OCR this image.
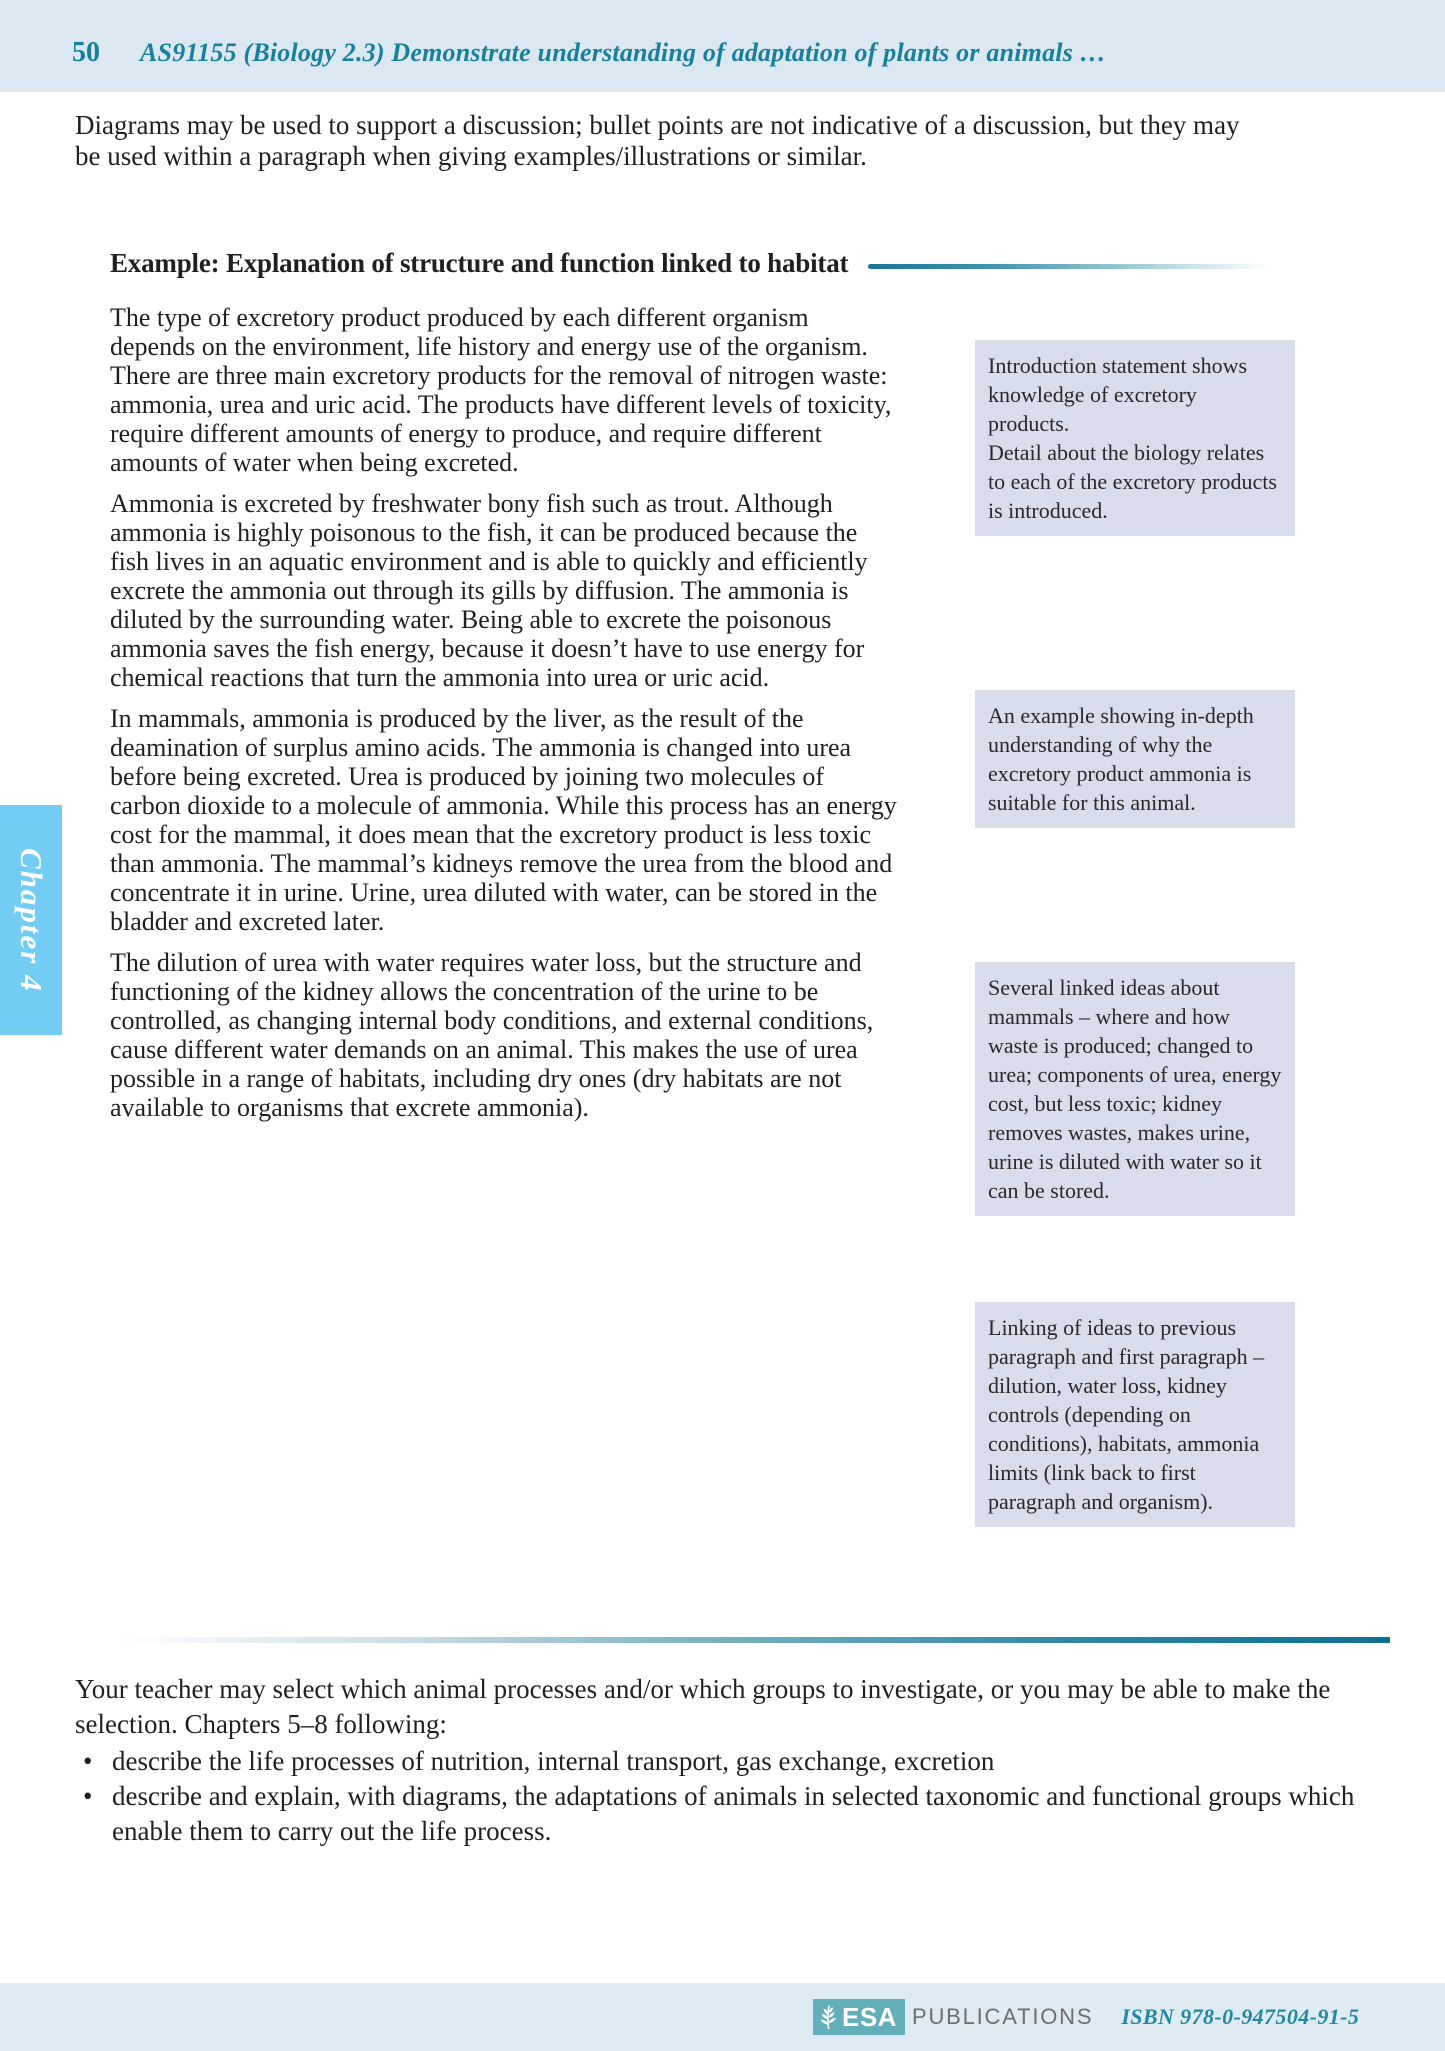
50 AS91155 (Biology 2.3) Demonstrate understanding of adaptation of plants or animals …

Diagrams may be used to support a discussion; bullet points are not indicative of a discussion, but they may be used within a paragraph when giving examples/illustrations or similar.

Example: Explanation of structure and function linked to habitat

The type of excretory product produced by each different organism depends on the environment, life history and energy use of the organism. There are three main excretory products for the removal of nitrogen waste: ammonia, urea and uric acid. The products have different levels of toxicity, require different amounts of energy to produce, and require different amounts of water when being excreted.

Ammonia is excreted by freshwater bony fish such as trout. Although ammonia is highly poisonous to the fish, it can be produced because the fish lives in an aquatic environment and is able to quickly and efficiently excrete the ammonia out through its gills by diffusion. The ammonia is diluted by the surrounding water. Being able to excrete the poisonous ammonia saves the fish energy, because it doesn’t have to use energy for chemical reactions that turn the ammonia into urea or uric acid.

In mammals, ammonia is produced by the liver, as the result of the deamination of surplus amino acids. The ammonia is changed into urea before being excreted. Urea is produced by joining two molecules of carbon dioxide to a molecule of ammonia. While this process has an energy cost for the mammal, it does mean that the excretory product is less toxic than ammonia. The mammal’s kidneys remove the urea from the blood and concentrate it in urine. Urine, urea diluted with water, can be stored in the bladder and excreted later.

The dilution of urea with water requires water loss, but the structure and functioning of the kidney allows the concentration of the urine to be controlled, as changing internal body conditions, and external conditions, cause different water demands on an animal. This makes the use of urea possible in a range of habitats, including dry ones (dry habitats are not available to organisms that excrete ammonia).

Introduction statement shows knowledge of excretory products.

Detail about the biology relates to each of the excretory products is introduced.

An example showing in-depth understanding of why the excretory product ammonia is suitable for this animal.

Several linked ideas about mammals – where and how waste is produced; changed to urea; components of urea, energy cost, but less toxic; kidney removes wastes, makes urine, urine is diluted with water so it can be stored.

Linking of ideas to previous paragraph and first paragraph – dilution, water loss, kidney controls (depending on conditions), habitats, ammonia limits (link back to first paragraph and organism).

Your teacher may select which animal processes and/or which groups to investigate, or you may be able to make the selection. Chapters 5–8 following:

• describe the life processes of nutrition, internal transport, gas exchange, excretion

• describe and explain, with diagrams, the adaptations of animals in selected taxonomic and functional groups which enable them to carry out the life process.

Chapter 4
ESA PUBLICATIONS ISBN 978-0-947504-91-5
